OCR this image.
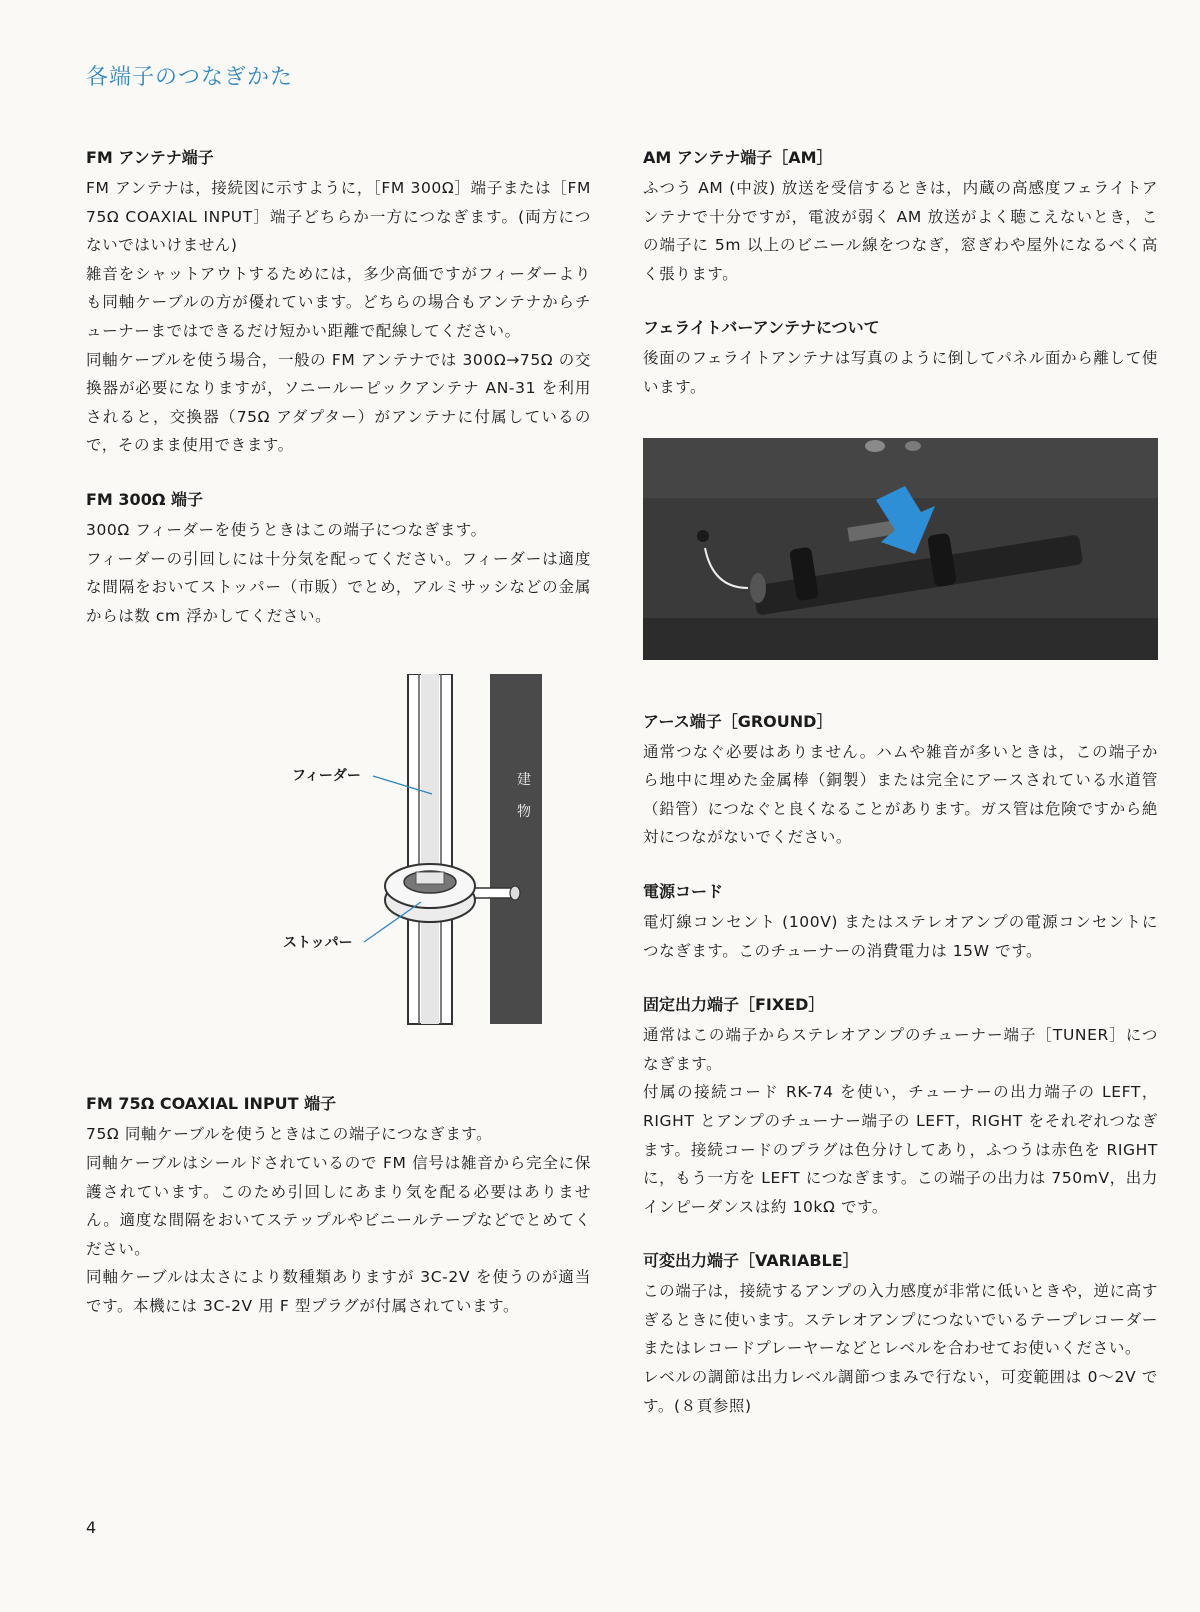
各端子のつなぎかた
FM アンテナ端子

FM アンテナは，接続図に示すように，［FM 300Ω］端子または［FM 75Ω COAXIAL INPUT］端子どちらか一方につなぎます。(両方につないではいけません)

雑音をシャットアウトするためには，多少高価ですがフィーダーよりも同軸ケーブルの方が優れています。どちらの場合もアンテナからチューナーまではできるだけ短かい距離で配線してください。

同軸ケーブルを使う場合，一般の FM アンテナでは 300Ω→75Ω の交換器が必要になりますが，ソニールーピックアンテナ AN-31 を利用されると，交換器（75Ω アダプター）がアンテナに付属しているので，そのまま使用できます。

FM 300Ω 端子

300Ω フィーダーを使うときはこの端子につなぎます。

フィーダーの引回しには十分気を配ってください。フィーダーは適度な間隔をおいてストッパー（市販）でとめ，アルミサッシなどの金属からは数 cm 浮かしてください。

フィーダー
ストッパー
建物
FM 75Ω COAXIAL INPUT 端子

75Ω 同軸ケーブルを使うときはこの端子につなぎます。

同軸ケーブルはシールドされているので FM 信号は雑音から完全に保護されています。このため引回しにあまり気を配る必要はありません。適度な間隔をおいてステップルやビニールテープなどでとめてください。

同軸ケーブルは太さにより数種類ありますが 3C-2V を使うのが適当です。本機には 3C-2V 用 F 型プラグが付属されています。

AM アンテナ端子［AM］

ふつう AM (中波) 放送を受信するときは，内蔵の高感度フェライトアンテナで十分ですが，電波が弱く AM 放送がよく聴こえないとき，この端子に 5m 以上のビニール線をつなぎ，窓ぎわや屋外になるべく高く張ります。

フェライトバーアンテナについて

後面のフェライトアンテナは写真のように倒してパネル面から離して使います。

アース端子［GROUND］

通常つなぐ必要はありません。ハムや雑音が多いときは，この端子から地中に埋めた金属棒（銅製）または完全にアースされている水道管（鉛管）につなぐと良くなることがあります。ガス管は危険ですから絶対につながないでください。

電源コード

電灯線コンセント (100V) またはステレオアンプの電源コンセントにつなぎます。このチューナーの消費電力は 15W です。

固定出力端子［FIXED］

通常はこの端子からステレオアンプのチューナー端子［TUNER］につなぎます。

付属の接続コード RK-74 を使い，チューナーの出力端子の LEFT，RIGHT とアンプのチューナー端子の LEFT，RIGHT をそれぞれつなぎます。接続コードのプラグは色分けしてあり，ふつうは赤色を RIGHT に，もう一方を LEFT につなぎます。この端子の出力は 750mV，出力インピーダンスは約 10kΩ です。

可変出力端子［VARIABLE］

この端子は，接続するアンプの入力感度が非常に低いときや，逆に高すぎるときに使います。ステレオアンプにつないでいるテープレコーダーまたはレコードプレーヤーなどとレベルを合わせてお使いください。

レベルの調節は出力レベル調節つまみで行ない，可変範囲は 0～2V です。(８頁参照)

4
